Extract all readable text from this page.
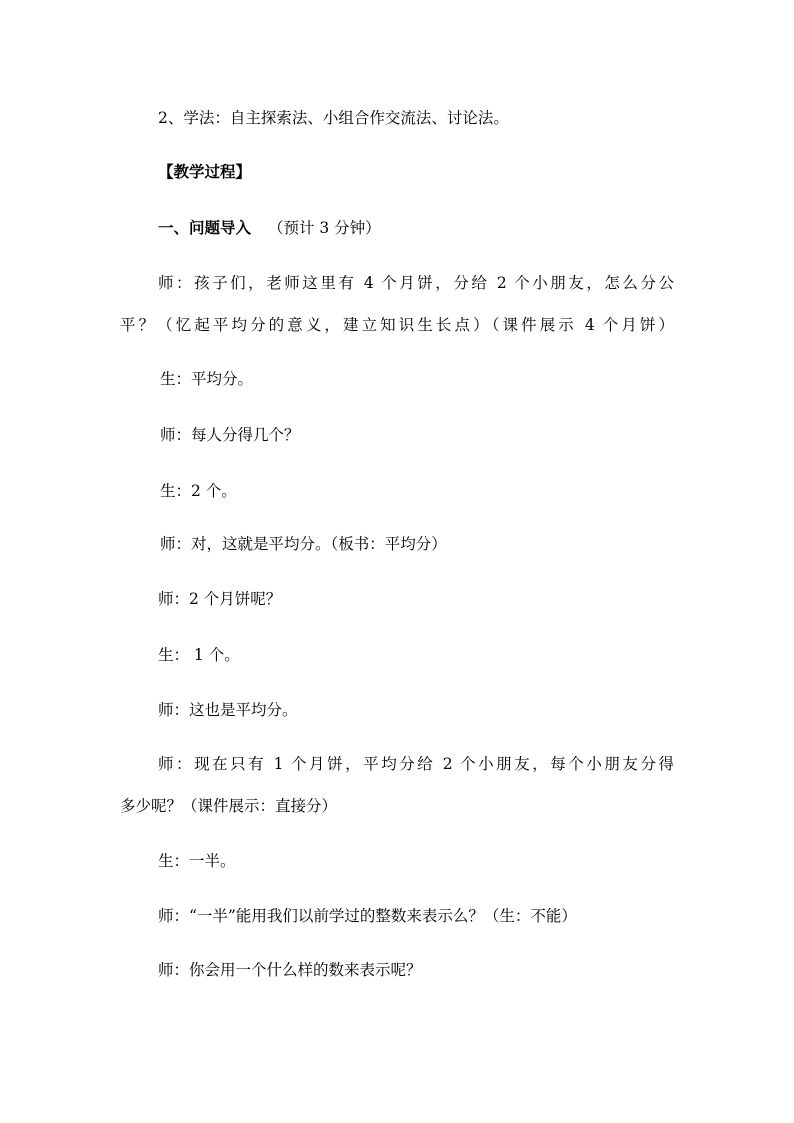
2、学法：自主探索法、小组合作交流法、讨论法。
【教学过程】
一、问题导入 （预计 3 分钟）
师：孩子们，老师这里有 4 个月饼，分给 2 个小朋友，怎么分公
平？（忆起平均分的意义，建立知识生长点）（课件展示 4 个月饼）
生：平均分。
师：每人分得几个？
生：2 个。
师：对，这就是平均分。（板书：平均分）
师：2 个月饼呢？
生： 1 个。
师：这也是平均分。
师：现在只有 1 个月饼，平均分给 2 个小朋友，每个小朋友分得
多少呢？（课件展示：直接分）
生：一半。
师：“一半”能用我们以前学过的整数来表示么？（生：不能）
师：你会用一个什么样的数来表示呢？
